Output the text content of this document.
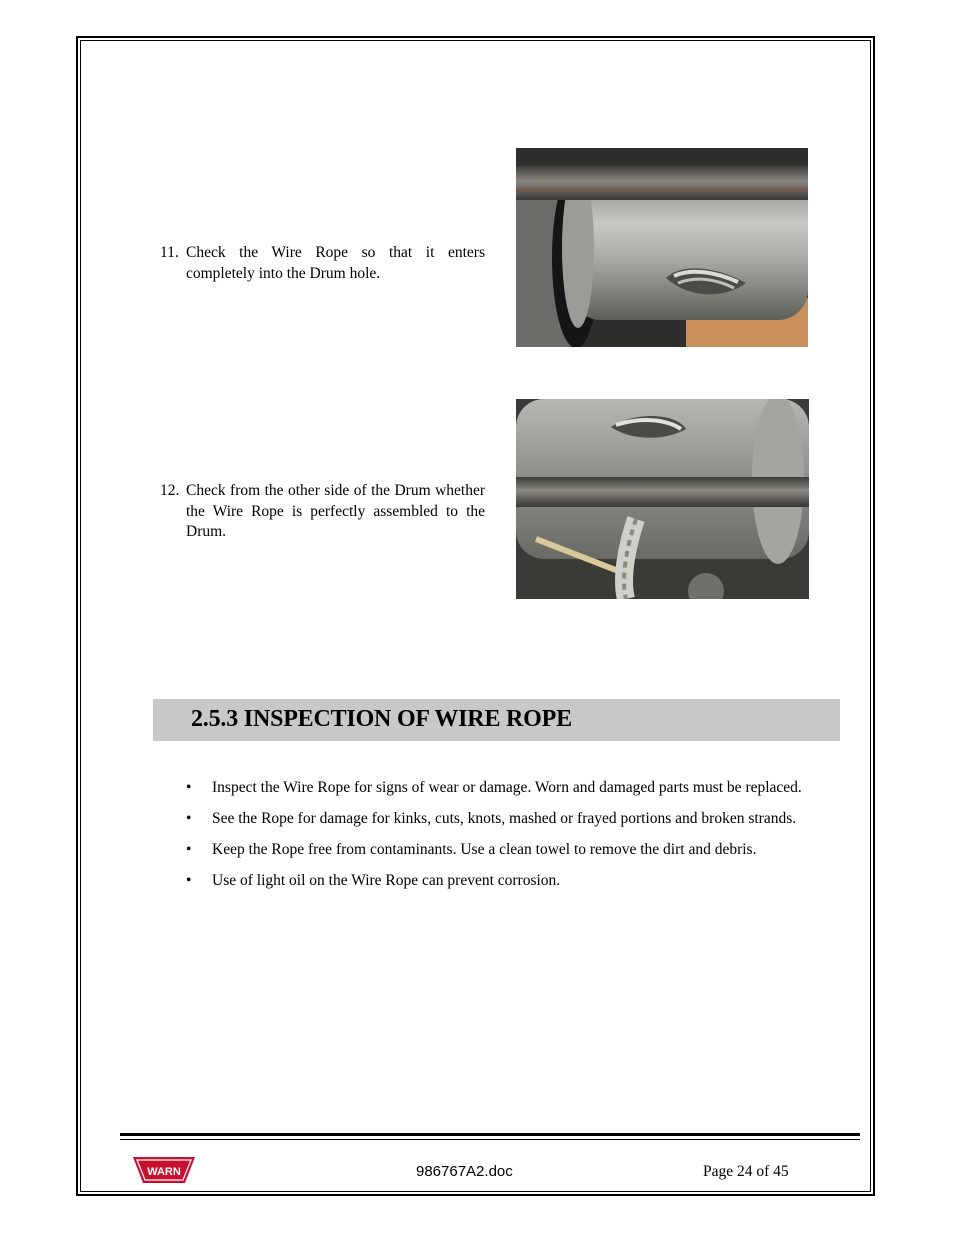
11. Check the Wire Rope so that it enters completely into the Drum hole.
12. Check from the other side of the Drum whether the Wire Rope is perfectly assembled to the Drum.
2.5.3 INSPECTION OF WIRE ROPE
• Inspect the Wire Rope for signs of wear or damage. Worn and damaged parts must be replaced.
• See the Rope for damage for kinks, cuts, knots, mashed or frayed portions and broken strands.
• Keep the Rope free from contaminants. Use a clean towel to remove the dirt and debris.
• Use of light oil on the Wire Rope can prevent corrosion.
WARN	986767A2.doc	Page 24 of 45
